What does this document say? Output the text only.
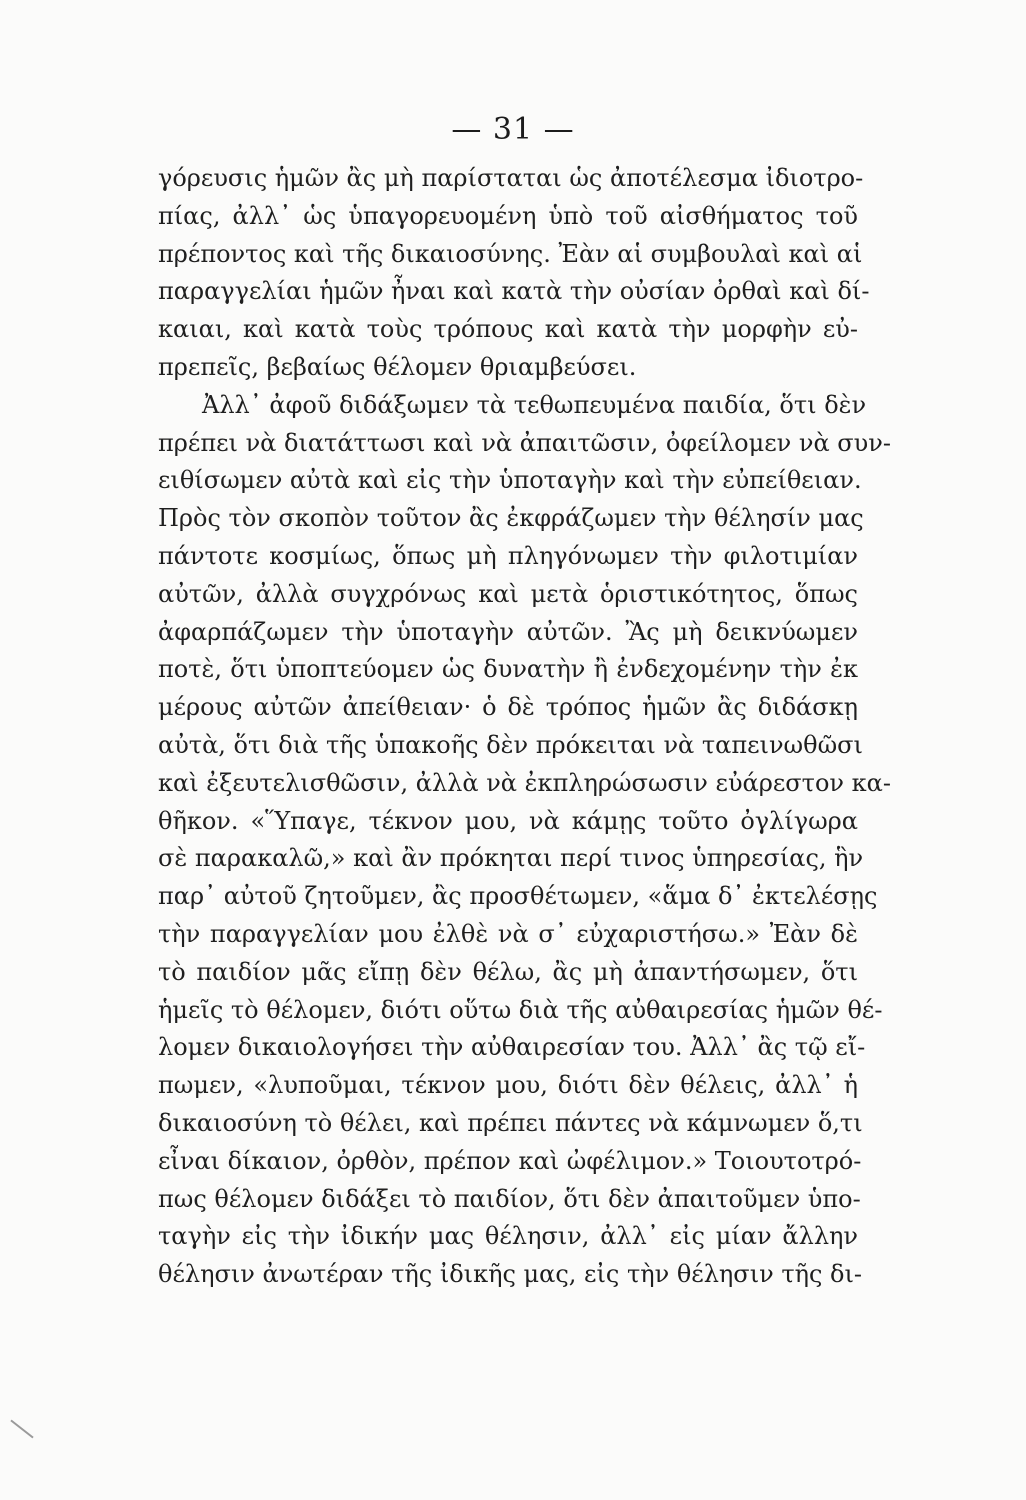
— 31 —
γόρευσις ἡμῶν ἂς μὴ παρίσταται ὡς ἀποτέλεσμα ἰδιοτρο-
πίας, ἀλλ᾽ ὡς ὑπαγορευομένη ὑπὸ τοῦ αἰσθήματος τοῦ
πρέποντος καὶ τῆς δικαιοσύνης. Ἐὰν αἱ συμβουλαὶ καὶ αἱ
παραγγελίαι ἡμῶν ἦναι καὶ κατὰ τὴν οὐσίαν ὀρθαὶ καὶ δί-
καιαι, καὶ κατὰ τοὺς τρόπους καὶ κατὰ τὴν μορφὴν εὐ-
πρεπεῖς, βεβαίως θέλομεν θριαμβεύσει.
Ἀλλ᾽ ἀφοῦ διδάξωμεν τὰ τεθωπευμένα παιδία, ὅτι δὲν
πρέπει νὰ διατάττωσι καὶ νὰ ἀπαιτῶσιν, ὀφείλομεν νὰ συν-
ειθίσωμεν αὐτὰ καὶ εἰς τὴν ὑποταγὴν καὶ τὴν εὐπείθειαν.
Πρὸς τὸν σκοπὸν τοῦτον ἂς ἐκφράζωμεν τὴν θέλησίν μας
πάντοτε κοσμίως, ὅπως μὴ πληγόνωμεν τὴν φιλοτιμίαν
αὐτῶν, ἀλλὰ συγχρόνως καὶ μετὰ ὁριστικότητος, ὅπως
ἀφαρπάζωμεν τὴν ὑποταγὴν αὐτῶν. Ἂς μὴ δεικνύωμεν
ποτὲ, ὅτι ὑποπτεύομεν ὡς δυνατὴν ἢ ἐνδεχομένην τὴν ἐκ
μέρους αὐτῶν ἀπείθειαν· ὁ δὲ τρόπος ἡμῶν ἂς διδάσκῃ
αὐτὰ, ὅτι διὰ τῆς ὑπακοῆς δὲν πρόκειται νὰ ταπεινωθῶσι
καὶ ἐξευτελισθῶσιν, ἀλλὰ νὰ ἐκπληρώσωσιν εὐάρεστον κα-
θῆκον. «Ὕπαγε, τέκνον μου, νὰ κάμῃς τοῦτο ὀγλίγωρα
σὲ παρακαλῶ,» καὶ ἂν πρόκηται περί τινος ὑπηρεσίας, ἣν
παρ᾽ αὐτοῦ ζητοῦμεν, ἂς προσθέτωμεν, «ἅμα δ᾽ ἐκτελέσῃς
τὴν παραγγελίαν μου ἐλθὲ νὰ σ᾽ εὐχαριστήσω.» Ἐὰν δὲ
τὸ παιδίον μᾶς εἴπῃ δὲν θέλω, ἂς μὴ ἀπαντήσωμεν, ὅτι
ἡμεῖς τὸ θέλομεν, διότι οὕτω διὰ τῆς αὐθαιρεσίας ἡμῶν θέ-
λομεν δικαιολογήσει τὴν αὐθαιρεσίαν του. Ἀλλ᾽ ἂς τῷ εἴ-
πωμεν, «λυποῦμαι, τέκνον μου, διότι δὲν θέλεις, ἀλλ᾽ ἡ
δικαιοσύνη τὸ θέλει, καὶ πρέπει πάντες νὰ κάμνωμεν ὅ,τι
εἶναι δίκαιον, ὀρθὸν, πρέπον καὶ ὠφέλιμον.» Τοιουτοτρό-
πως θέλομεν διδάξει τὸ παιδίον, ὅτι δὲν ἀπαιτοῦμεν ὑπο-
ταγὴν εἰς τὴν ἰδικήν μας θέλησιν, ἀλλ᾽ εἰς μίαν ἄλλην
θέλησιν ἀνωτέραν τῆς ἰδικῆς μας, εἰς τὴν θέλησιν τῆς δι-
